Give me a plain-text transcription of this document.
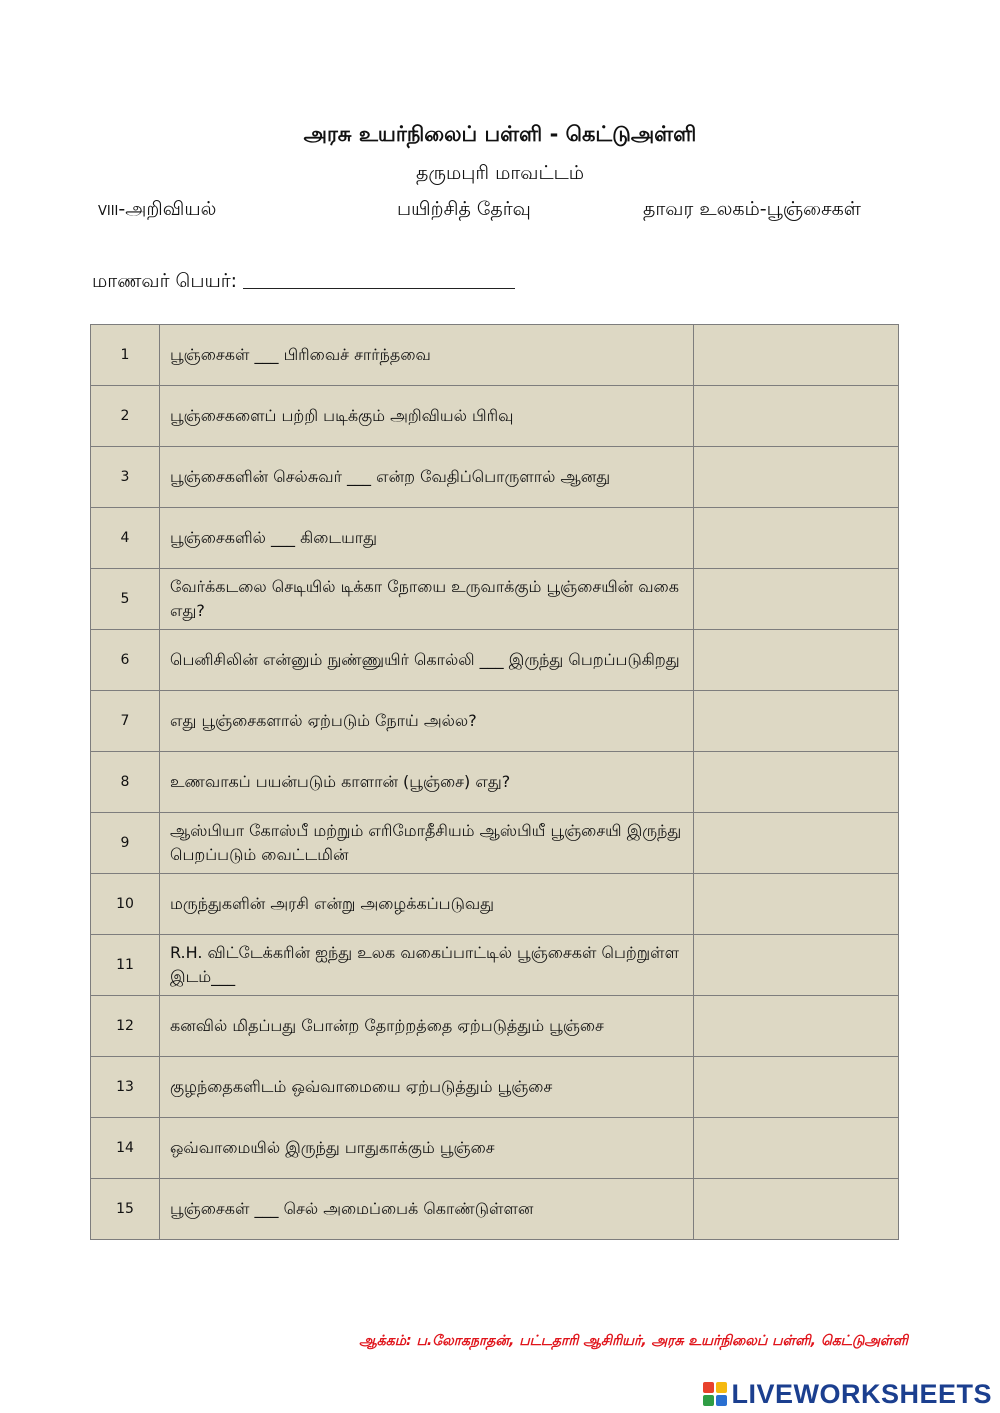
அரசு உயர்நிலைப் பள்ளி - கெட்டுஅள்ளி
தருமபுரி மாவட்டம்
VIII-அறிவியல்	பயிற்சித் தேர்வு	தாவர உலகம்-பூஞ்சைகள்
மாணவர் பெயர்:
1	பூஞ்சைகள் ___ பிரிவைச் சார்ந்தவை	
2	பூஞ்சைகளைப் பற்றி படிக்கும் அறிவியல் பிரிவு	
3	பூஞ்சைகளின் செல்சுவர் ___ என்ற வேதிப்பொருளால் ஆனது	
4	பூஞ்சைகளில் ___ கிடையாது	
5	வேர்க்கடலை செடியில் டிக்கா நோயை உருவாக்கும் பூஞ்சையின் வகை எது?	
6	பெனிசிலின் என்னும் நுண்ணுயிர் கொல்லி ___ இருந்து பெறப்படுகிறது	
7	எது பூஞ்சைகளால் ஏற்படும் நோய் அல்ல?	
8	உணவாகப் பயன்படும் காளான் (பூஞ்சை) எது?	
9	ஆஸ்பியா கோஸ்பீ மற்றும் எரிமோதீசியம் ஆஸ்பியீ பூஞ்சையி இருந்து பெறப்படும் வைட்டமின்	
10	மருந்துகளின் அரசி என்று அழைக்கப்படுவது	
11	R.H. விட்டேக்கரின் ஐந்து உலக வகைப்பாட்டில் பூஞ்சைகள் பெற்றுள்ள இடம்___	
12	கனவில் மிதப்பது போன்ற தோற்றத்தை ஏற்படுத்தும் பூஞ்சை	
13	குழந்தைகளிடம் ஒவ்வாமையை ஏற்படுத்தும் பூஞ்சை	
14	ஒவ்வாமையில் இருந்து பாதுகாக்கும் பூஞ்சை	
15	பூஞ்சைகள் ___ செல் அமைப்பைக் கொண்டுள்ளன	
ஆக்கம்: ப.லோகநாதன், பட்டதாரி ஆசிரியர், அரசு உயர்நிலைப் பள்ளி, கெட்டுஅள்ளி
LIVEWORKSHEETS
